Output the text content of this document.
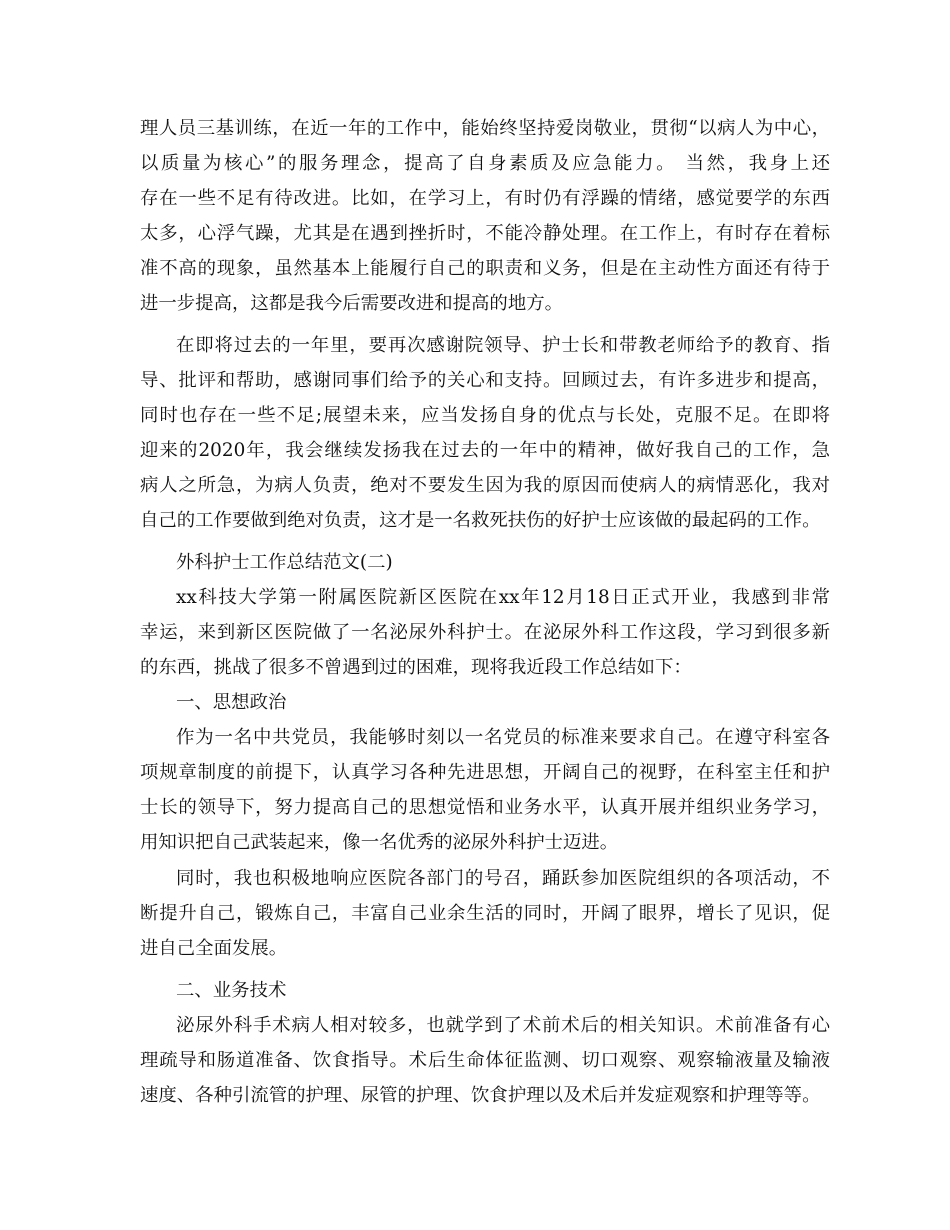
理人员三基训练，在近一年的工作中，能始终坚持爱岗敬业，贯彻“以病人为中心，
以质量为核心”的服务理念，提高了自身素质及应急能力。 当然，我身上还
存在一些不足有待改进。比如，在学习上，有时仍有浮躁的情绪，感觉要学的东西
太多，心浮气躁，尤其是在遇到挫折时，不能冷静处理。在工作上，有时存在着标
准不高的现象，虽然基本上能履行自己的职责和义务，但是在主动性方面还有待于
进一步提高，这都是我今后需要改进和提高的地方。
在即将过去的一年里，要再次感谢院领导、护士长和带教老师给予的教育、指
导、批评和帮助，感谢同事们给予的关心和支持。回顾过去，有许多进步和提高，
同时也存在一些不足;展望未来，应当发扬自身的优点与长处，克服不足。在即将
迎来的2020年，我会继续发扬我在过去的一年中的精神，做好我自己的工作，急
病人之所急，为病人负责，绝对不要发生因为我的原因而使病人的病情恶化，我对
自己的工作要做到绝对负责，这才是一名救死扶伤的好护士应该做的最起码的工作。
外科护士工作总结范文(二)
xx科技大学第一附属医院新区医院在xx年12月18日正式开业，我感到非常
幸运，来到新区医院做了一名泌尿外科护士。在泌尿外科工作这段，学习到很多新
的东西，挑战了很多不曾遇到过的困难，现将我近段工作总结如下：
一、思想政治
作为一名中共党员，我能够时刻以一名党员的标准来要求自己。在遵守科室各
项规章制度的前提下，认真学习各种先进思想，开阔自己的视野，在科室主任和护
士长的领导下，努力提高自己的思想觉悟和业务水平，认真开展并组织业务学习，
用知识把自己武装起来，像一名优秀的泌尿外科护士迈进。
同时，我也积极地响应医院各部门的号召，踊跃参加医院组织的各项活动，不
断提升自己，锻炼自己，丰富自己业余生活的同时，开阔了眼界，增长了见识，促
进自己全面发展。
二、业务技术
泌尿外科手术病人相对较多，也就学到了术前术后的相关知识。术前准备有心
理疏导和肠道准备、饮食指导。术后生命体征监测、切口观察、观察输液量及输液
速度、各种引流管的护理、尿管的护理、饮食护理以及术后并发症观察和护理等等。
